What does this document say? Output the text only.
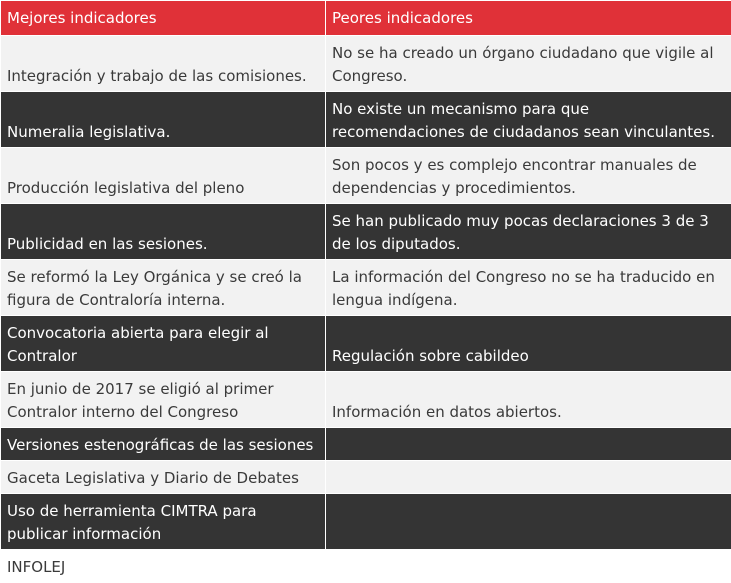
Mejores indicadores	Peores indicadores
Integración y trabajo de las comisiones.	No se ha creado un órgano ciudadano que vigile al Congreso.
Numeralia legislativa.	No existe un mecanismo para que recomendaciones de ciudadanos sean vinculantes.
Producción legislativa del pleno	Son pocos y es complejo encontrar manuales de dependencias y procedimientos.
Publicidad en las sesiones.	Se han publicado muy pocas declaraciones 3 de 3 de los diputados.
Se reformó la Ley Orgánica y se creó la figura de Contraloría interna.	La información del Congreso no se ha traducido en lengua indígena.
Convocatoria abierta para elegir al Contralor	Regulación sobre cabildeo
En junio de 2017 se eligió al primer Contralor interno del Congreso	Información en datos abiertos.
Versiones estenográficas de las sesiones	
Gaceta Legislativa y Diario de Debates	
Uso de herramienta CIMTRA para publicar información	
INFOLEJ	
